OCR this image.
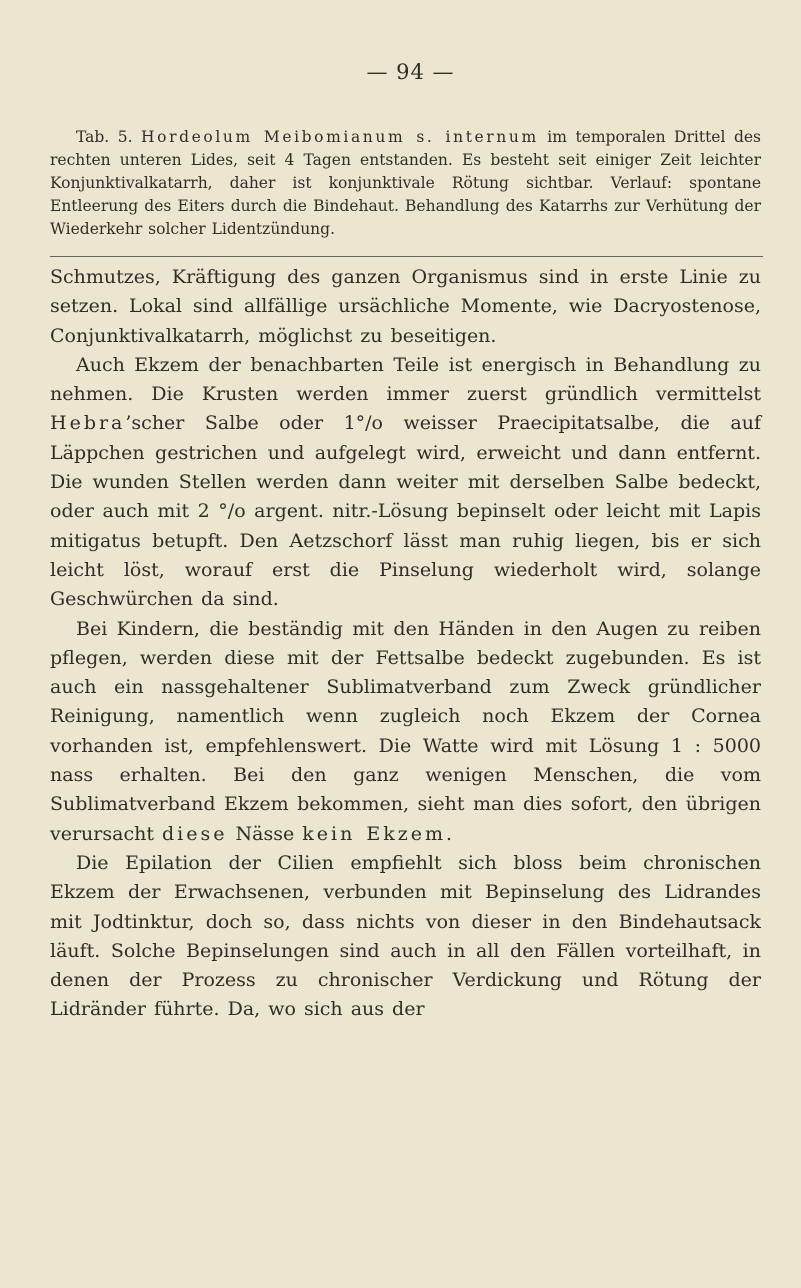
— 94 —

Tab. 5. Hordeolum Meibomianum s. internum im temporalen Drittel des rechten unteren Lides, seit 4 Tagen entstanden. Es besteht seit einiger Zeit leichter Konjunktivalkatarrh, daher ist konjunktivale Rötung sichtbar. Verlauf: spontane Entleerung des Eiters durch die Bindehaut. Behandlung des Katarrhs zur Verhütung der Wiederkehr solcher Lidentzündung.

Schmutzes, Kräftigung des ganzen Organismus sind in erste Linie zu setzen. Lokal sind allfällige ursächliche Momente, wie Dacryostenose, Conjunktivalkatarrh, möglichst zu beseitigen.

Auch Ekzem der benachbarten Teile ist energisch in Behandlung zu nehmen. Die Krusten werden immer zuerst gründlich vermittelst Hebra’scher Salbe oder 1°/o weisser Praecipitatsalbe, die auf Läppchen gestrichen und aufgelegt wird, erweicht und dann entfernt. Die wunden Stellen werden dann weiter mit derselben Salbe bedeckt, oder auch mit 2 °/o argent. nitr.-Lösung bepinselt oder leicht mit Lapis mitigatus betupft. Den Aetzschorf lässt man ruhig liegen, bis er sich leicht löst, worauf erst die Pinselung wiederholt wird, solange Geschwürchen da sind.

Bei Kindern, die beständig mit den Händen in den Augen zu reiben pflegen, werden diese mit der Fettsalbe bedeckt zugebunden. Es ist auch ein nassgehaltener Sublimatverband zum Zweck gründlicher Reinigung, namentlich wenn zugleich noch Ekzem der Cornea vorhanden ist, empfehlenswert. Die Watte wird mit Lösung 1 : 5000 nass erhalten. Bei den ganz wenigen Menschen, die vom Sublimatverband Ekzem bekommen, sieht man dies sofort, den übrigen verursacht diese Nässe kein Ekzem.

Die Epilation der Cilien empfiehlt sich bloss beim chronischen Ekzem der Erwachsenen, verbunden mit Bepinselung des Lidrandes mit Jodtinktur, doch so, dass nichts von dieser in den Bindehautsack läuft. Solche Bepinselungen sind auch in all den Fällen vorteilhaft, in denen der Prozess zu chronischer Verdickung und Rötung der Lidränder führte. Da, wo sich aus der
